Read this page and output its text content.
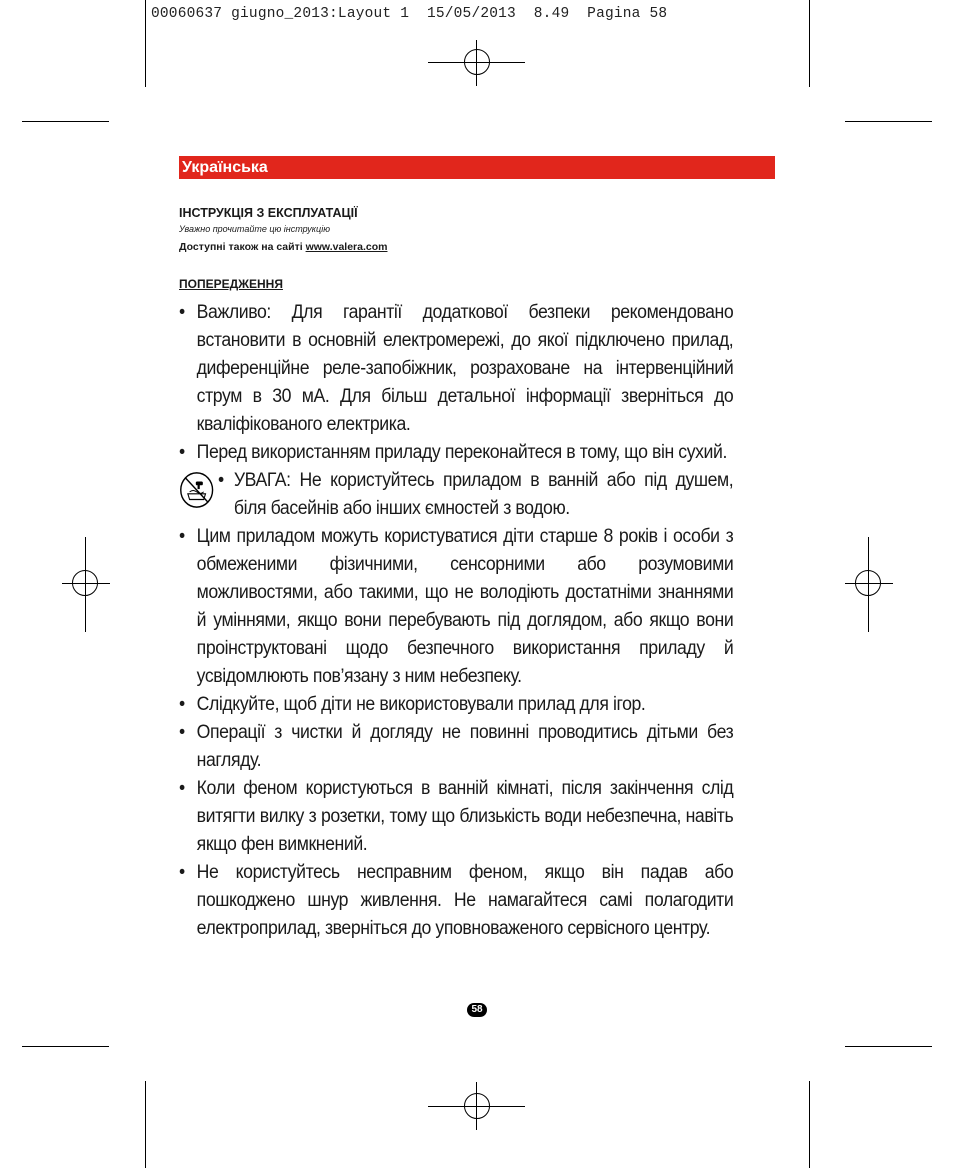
00060637 giugno_2013:Layout 1  15/05/2013  8.49  Pagina 58
Українська
ІНСТРУКЦІЯ З ЕКСПЛУАТАЦІЇ
Уважно прочитайте цю інструкцію
Доступні також на сайті www.valera.com
ПОПЕРЕДЖЕННЯ
• Важливо: Для гарантії додаткової безпеки рекомендовано встановити в основній електромережі, до якої підключено прилад, диференційне реле-запобіжник, розраховане на інтервенційний струм в 30 мА. Для більш детальної інформації зверніться до кваліфікованого електрика.
• Перед використанням приладу переконайтеся в тому, що він сухий.
• УВАГА: Не користуйтесь приладом в ванній або під душем, біля басейнів або інших ємностей з водою.
• Цим приладом можуть користуватися діти старше 8 років і особи з обмеженими фізичними, сенсорними або розумовими можливостями, або такими, що не володіють достатніми знаннями й уміннями, якщо вони перебувають під доглядом, або якщо вони проінструктовані щодо безпечного використання приладу й усвідомлюють пов’язану з ним небезпеку.
• Слідкуйте, щоб діти не використовували прилад для ігор.
• Операції з чистки й догляду не повинні проводитись дітьми без нагляду.
• Коли феном користуються в ванній кімнаті, після закінчення слід витягти вилку з розетки, тому що близькість води небезпечна, навіть якщо фен вимкнений.
• Не користуйтесь несправним феном, якщо він падав або пошкоджено шнур живлення. Не намагайтеся самі полагодити електроприлад, зверніться до уповноваженого сервісного центру.
58
